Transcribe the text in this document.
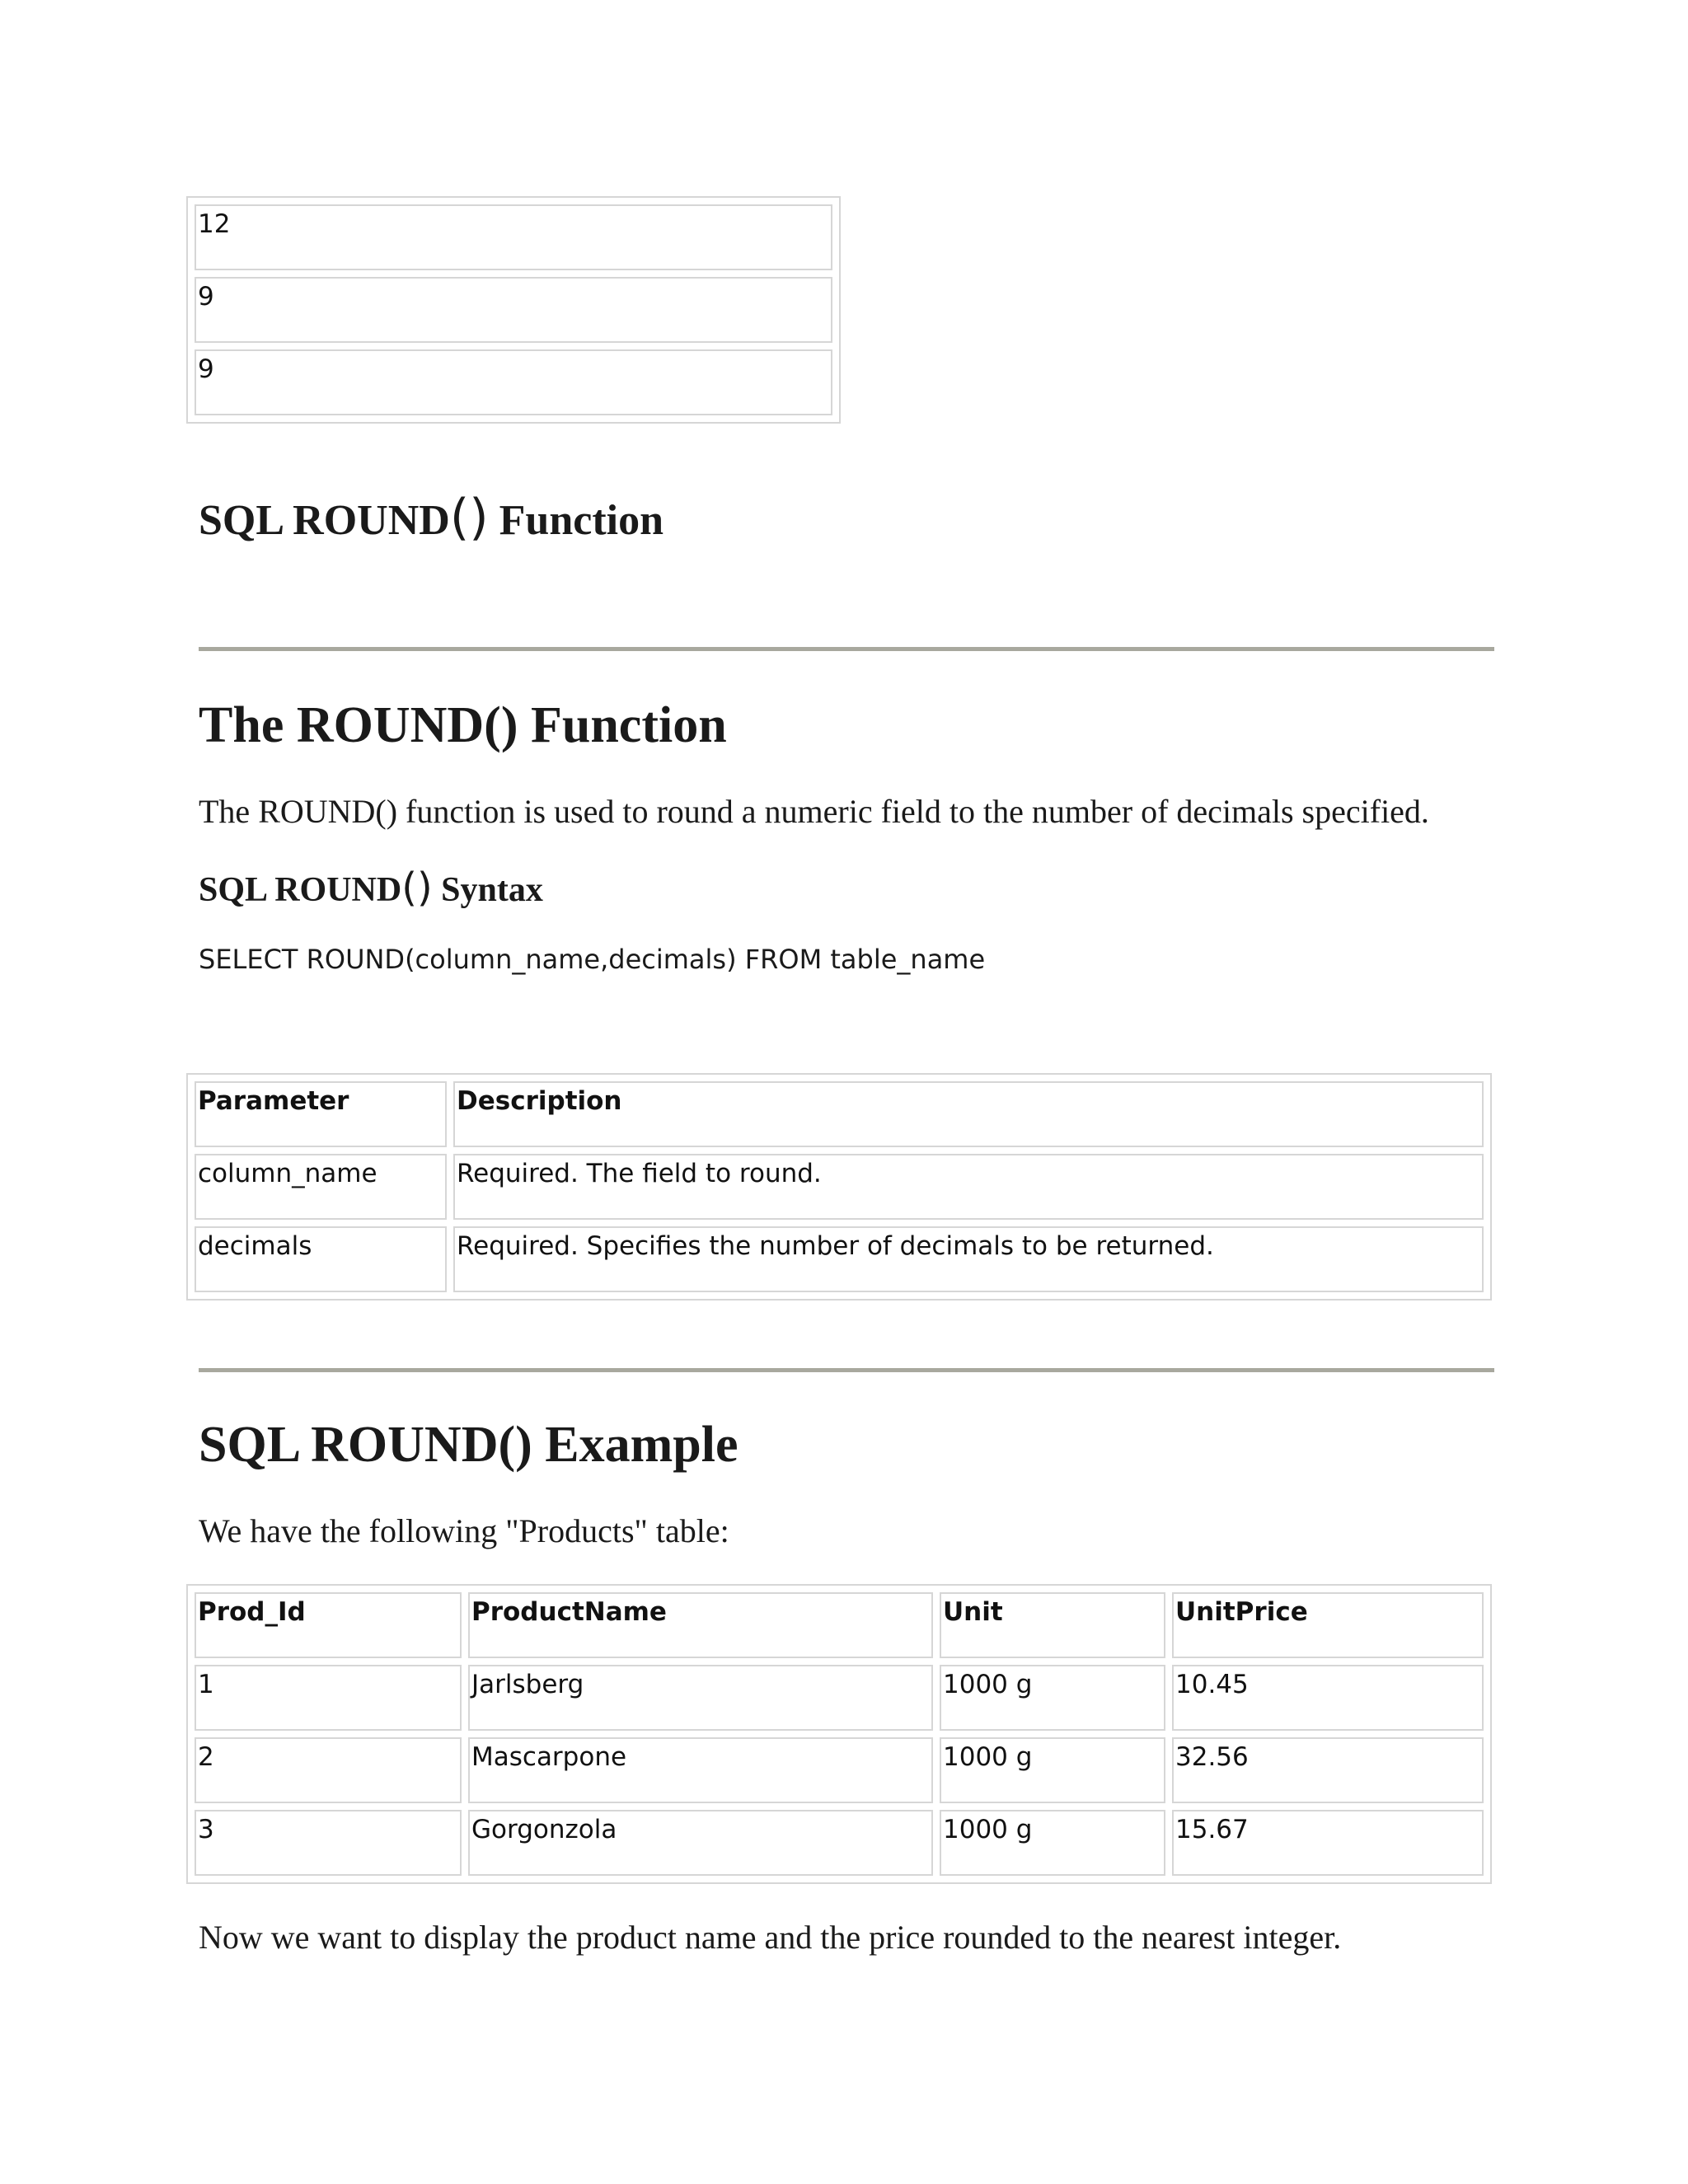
12
9
9
SQL ROUND() Function
The ROUND() Function
The ROUND() function is used to round a numeric field to the number of decimals specified.
SQL ROUND() Syntax
SELECT ROUND(column_name,decimals) FROM table_name
Parameter	Description
column_name	Required. The field to round.
decimals	Required. Specifies the number of decimals to be returned.
SQL ROUND() Example
We have the following "Products" table:
Prod_Id	ProductName	Unit	UnitPrice
1	Jarlsberg	1000 g	10.45
2	Mascarpone	1000 g	32.56
3	Gorgonzola	1000 g	15.67
Now we want to display the product name and the price rounded to the nearest integer.
